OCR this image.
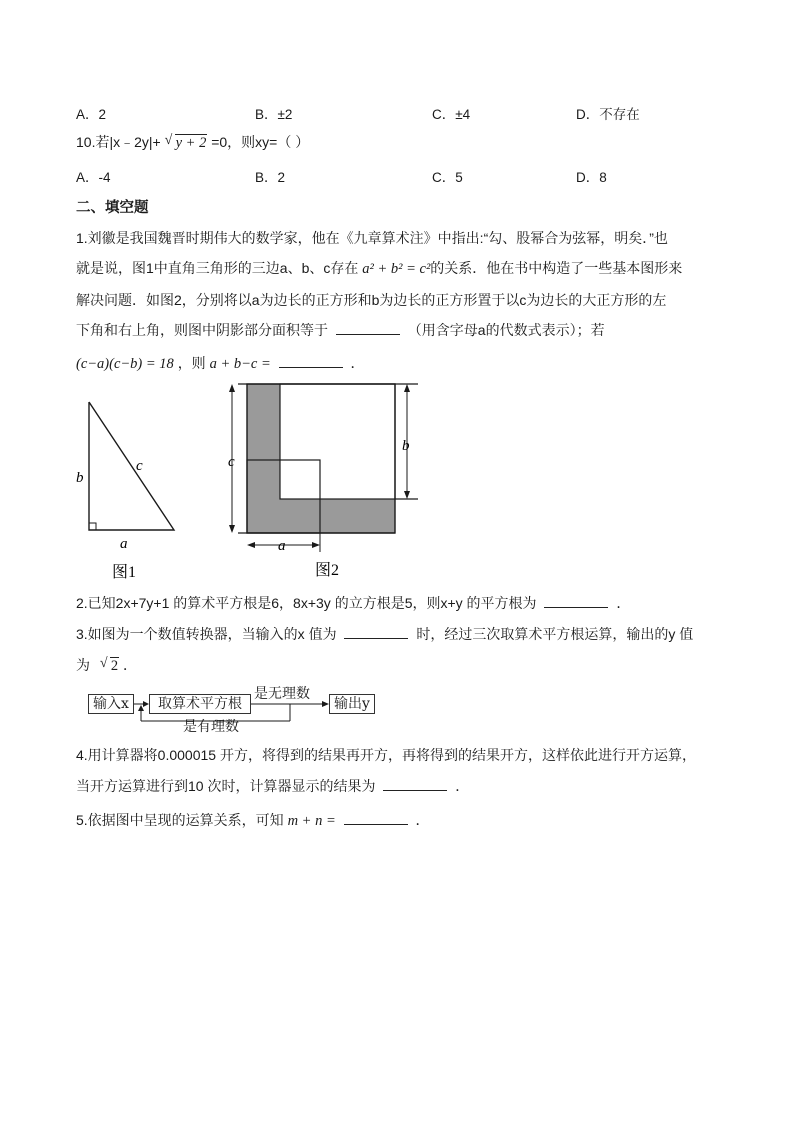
A．2	B．±2	C．±4	D．不存在
10.若|x﹣2y|+ √ y + 2 =0，则xy=（ ）
A．-4	B．2	C．5	D．8
二、填空题
1.刘徽是我国魏晋时期伟大的数学家，他在《九章算术注》中指出:“勾、股幂合为弦幂，明矣．”也
就是说，图1中直角三角形的三边a、b、c存在 a² + b² = c²的关系．他在书中构造了一些基本图形来
解决问题．如图2，分别将以a为边长的正方形和b为边长的正方形置于以c为边长的大正方形的左
下角和右上角，则图中阴影部分面积等于	（用含字母a的代数式表示）；若
(c−a)(c−b) = 18 ，则 a + b−c =	．
b
c
a
图1
c
b
a
图2
2.已知2x+7y+1 的算术平方根是6，8x+3y 的立方根是5，则x+y 的平方根为	．
3.如图为一个数值转换器，当输入的x 值为	时，经过三次取算术平方根运算，输出的y 值
为 √ 2 ．
输入x	取算术平方根	输出y
是无理数
是有理数
4.用计算器将0.000015 开方，将得到的结果再开方，再将得到的结果开方，这样依此进行开方运算，
当开方运算进行到10 次时，计算器显示的结果为	．
5.依据图中呈现的运算关系，可知 m + n =	．
